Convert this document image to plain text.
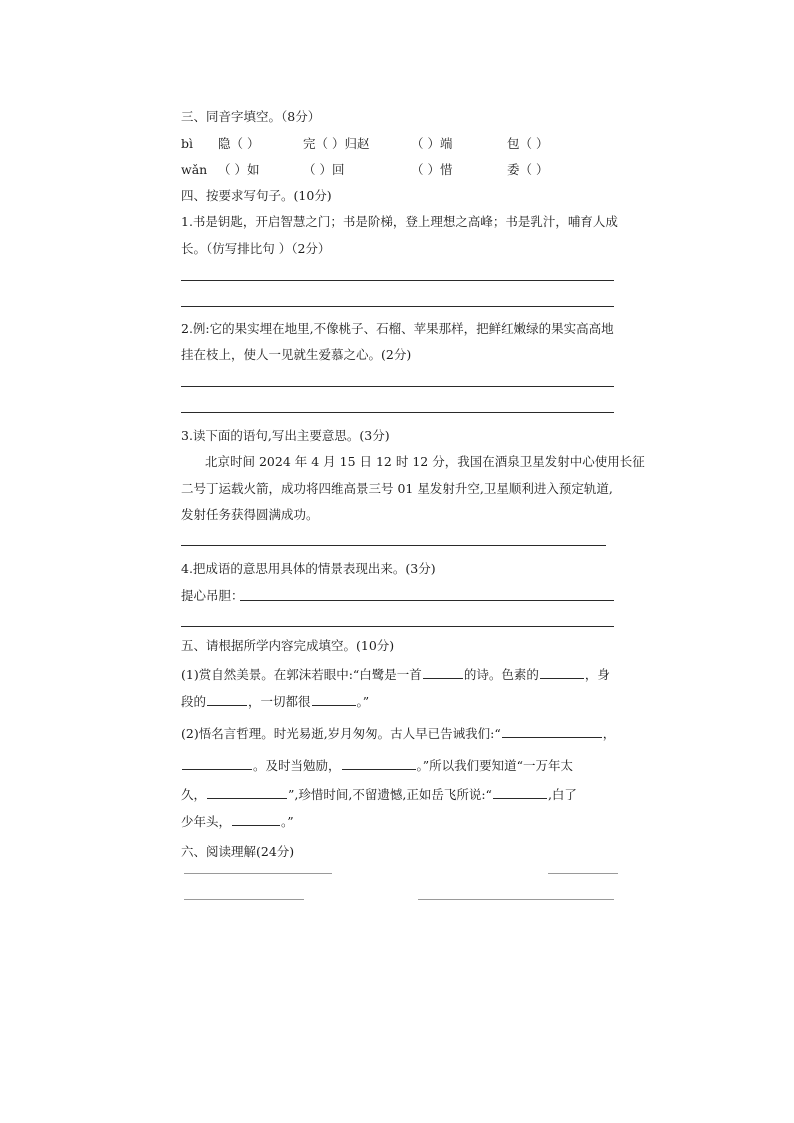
三、同音字填空。（8分）
bì 隐（ ）	完（ ）归赵	（ ）端	包（ ）
wǎn （ ）如	（ ）回	（ ）惜	委（ ）
四、按要求写句子。(10分)
1.书是钥匙，开启智慧之门；书是阶梯，登上理想之高峰；书是乳汁，哺育人成
长。（仿写排比句 ）（2分）
2.例:它的果实埋在地里,不像桃子、石榴、苹果那样，把鲜红嫩绿的果实高高地
挂在枝上，使人一见就生爱慕之心。(2分)
3.读下面的语句,写出主要意思。(3分)
北京时间 2024 年 4 月 15 日 12 时 12 分，我国在酒泉卫星发射中心使用长征
二号丁运载火箭，成功将四维高景三号 01 星发射升空,卫星顺利进入预定轨道,
发射任务获得圆满成功。
4.把成语的意思用具体的情景表现出来。(3分)
提心吊胆：
五、请根据所学内容完成填空。(10分)
(1)赏自然美景。在郭沫若眼中:“白鹭是一首	的诗。色素的	，身
段的	，一切都很	。”
(2)悟名言哲理。时光易逝,岁月匆匆。古人早已告诫我们:“	，
。及时当勉励，	。”所以我们要知道“一万年太
久，	”,珍惜时间,不留遗憾,正如岳飞所说:“	,白了
少年头，	。”
六、阅读理解(24分)
